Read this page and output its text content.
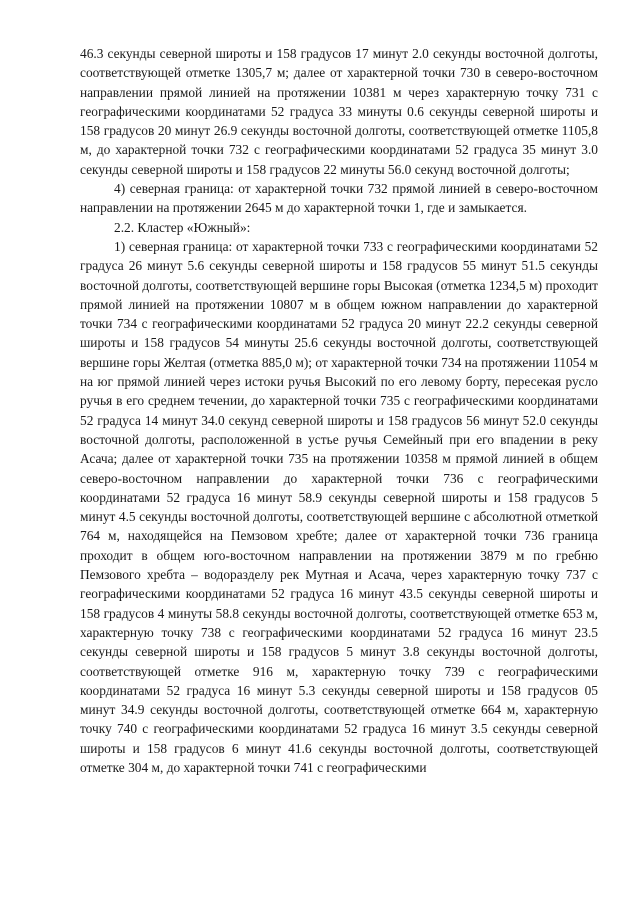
46.3 секунды северной широты и 158 градусов 17 минут 2.0 секунды восточной долготы, соответствующей отметке 1305,7 м; далее от характерной точки 730 в северо-восточном направлении прямой линией на протяжении 10381 м через характерную точку 731 с географическими координатами 52 градуса 33 минуты 0.6 секунды северной широты и 158 градусов 20 минут 26.9 секунды восточной долготы, соответствующей отметке 1105,8 м, до характерной точки 732 с географическими координатами 52 градуса 35 минут 3.0 секунды северной широты и 158 градусов 22 минуты 56.0 секунд восточной долготы;

4) северная граница: от характерной точки 732 прямой линией в северо-восточном направлении на протяжении 2645 м до характерной точки 1, где и замыкается.

2.2. Кластер «Южный»:

1) северная граница: от характерной точки 733 с географическими координатами 52 градуса 26 минут 5.6 секунды северной широты и 158 градусов 55 минут 51.5 секунды восточной долготы, соответствующей вершине горы Высокая (отметка 1234,5 м) проходит прямой линией на протяжении 10807 м в общем южном направлении до характерной точки 734 с географическими координатами 52 градуса 20 минут 22.2 секунды северной широты и 158 градусов 54 минуты 25.6 секунды восточной долготы, соответствующей вершине горы Желтая (отметка 885,0 м); от характерной точки 734 на протяжении 11054 м на юг прямой линией через истоки ручья Высокий по его левому борту, пересекая русло ручья в его среднем течении, до характерной точки 735 с географическими координатами 52 градуса 14 минут 34.0 секунд северной широты и 158 градусов 56 минут 52.0 секунды восточной долготы, расположенной в устье ручья Семейный при его впадении в реку Асача; далее от характерной точки 735 на протяжении 10358 м прямой линией в общем северо-восточном направлении до характерной точки 736 с географическими координатами 52 градуса 16 минут 58.9 секунды северной широты и 158 градусов 5 минут 4.5 секунды восточной долготы, соответствующей вершине с абсолютной отметкой 764 м, находящейся на Пемзовом хребте; далее от характерной точки 736 граница проходит в общем юго-восточном направлении на протяжении 3879 м по гребню Пемзового хребта – водоразделу рек Мутная и Асача, через характерную точку 737 с географическими координатами 52 градуса 16 минут 43.5 секунды северной широты и 158 градусов 4 минуты 58.8 секунды восточной долготы, соответствующей отметке 653 м, характерную точку 738 с географическими координатами 52 градуса 16 минут 23.5 секунды северной широты и 158 градусов 5 минут 3.8 секунды восточной долготы, соответствующей отметке 916 м, характерную точку 739 с географическими координатами 52 градуса 16 минут 5.3 секунды северной широты и 158 градусов 05 минут 34.9 секунды восточной долготы, соответствующей отметке 664 м, характерную точку 740 с географическими координатами 52 градуса 16 минут 3.5 секунды северной широты и 158 градусов 6 минут 41.6 секунды восточной долготы, соответствующей отметке 304 м, до характерной точки 741 с географическими
